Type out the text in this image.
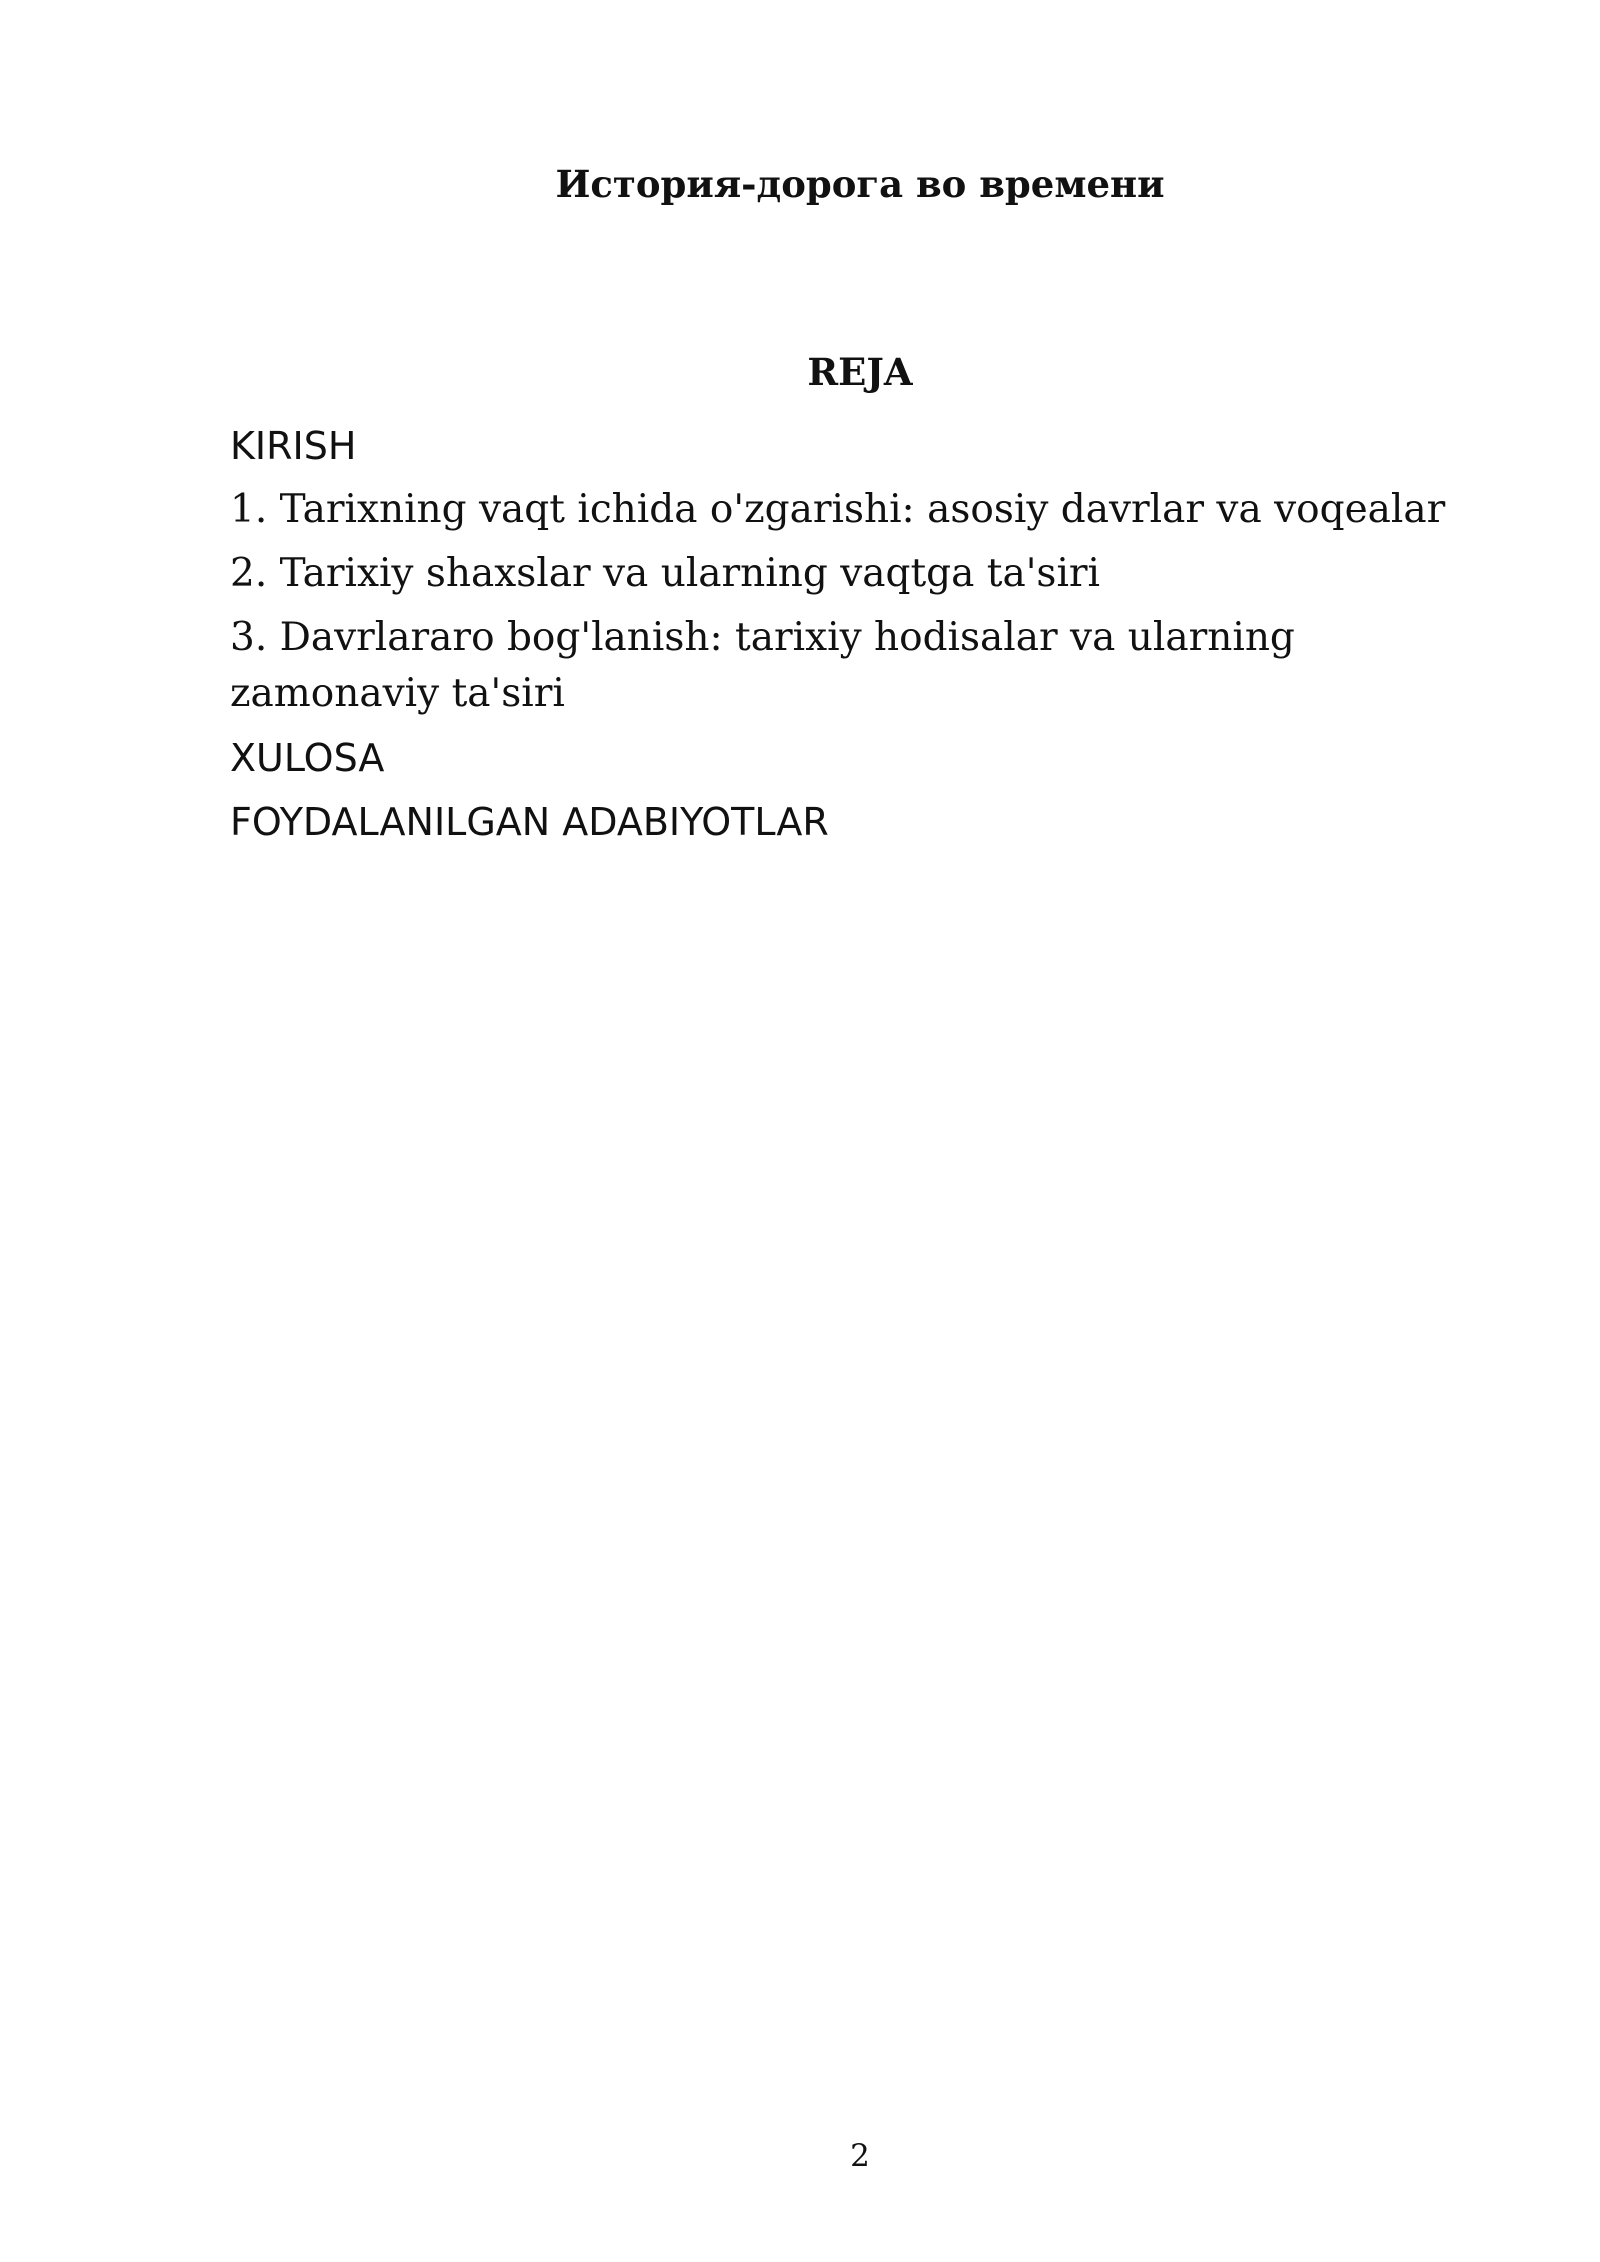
История-дорога во времени
REJA
KIRISH
1. Tarixning vaqt ichida o'zgarishi: asosiy davrlar va voqealar
2. Tarixiy shaxslar va ularning vaqtga ta'siri
3. Davrlararo bog'lanish: tarixiy hodisalar va ularning zamonaviy ta'siri
XULOSA
FOYDALANILGAN ADABIYOTLAR
2
